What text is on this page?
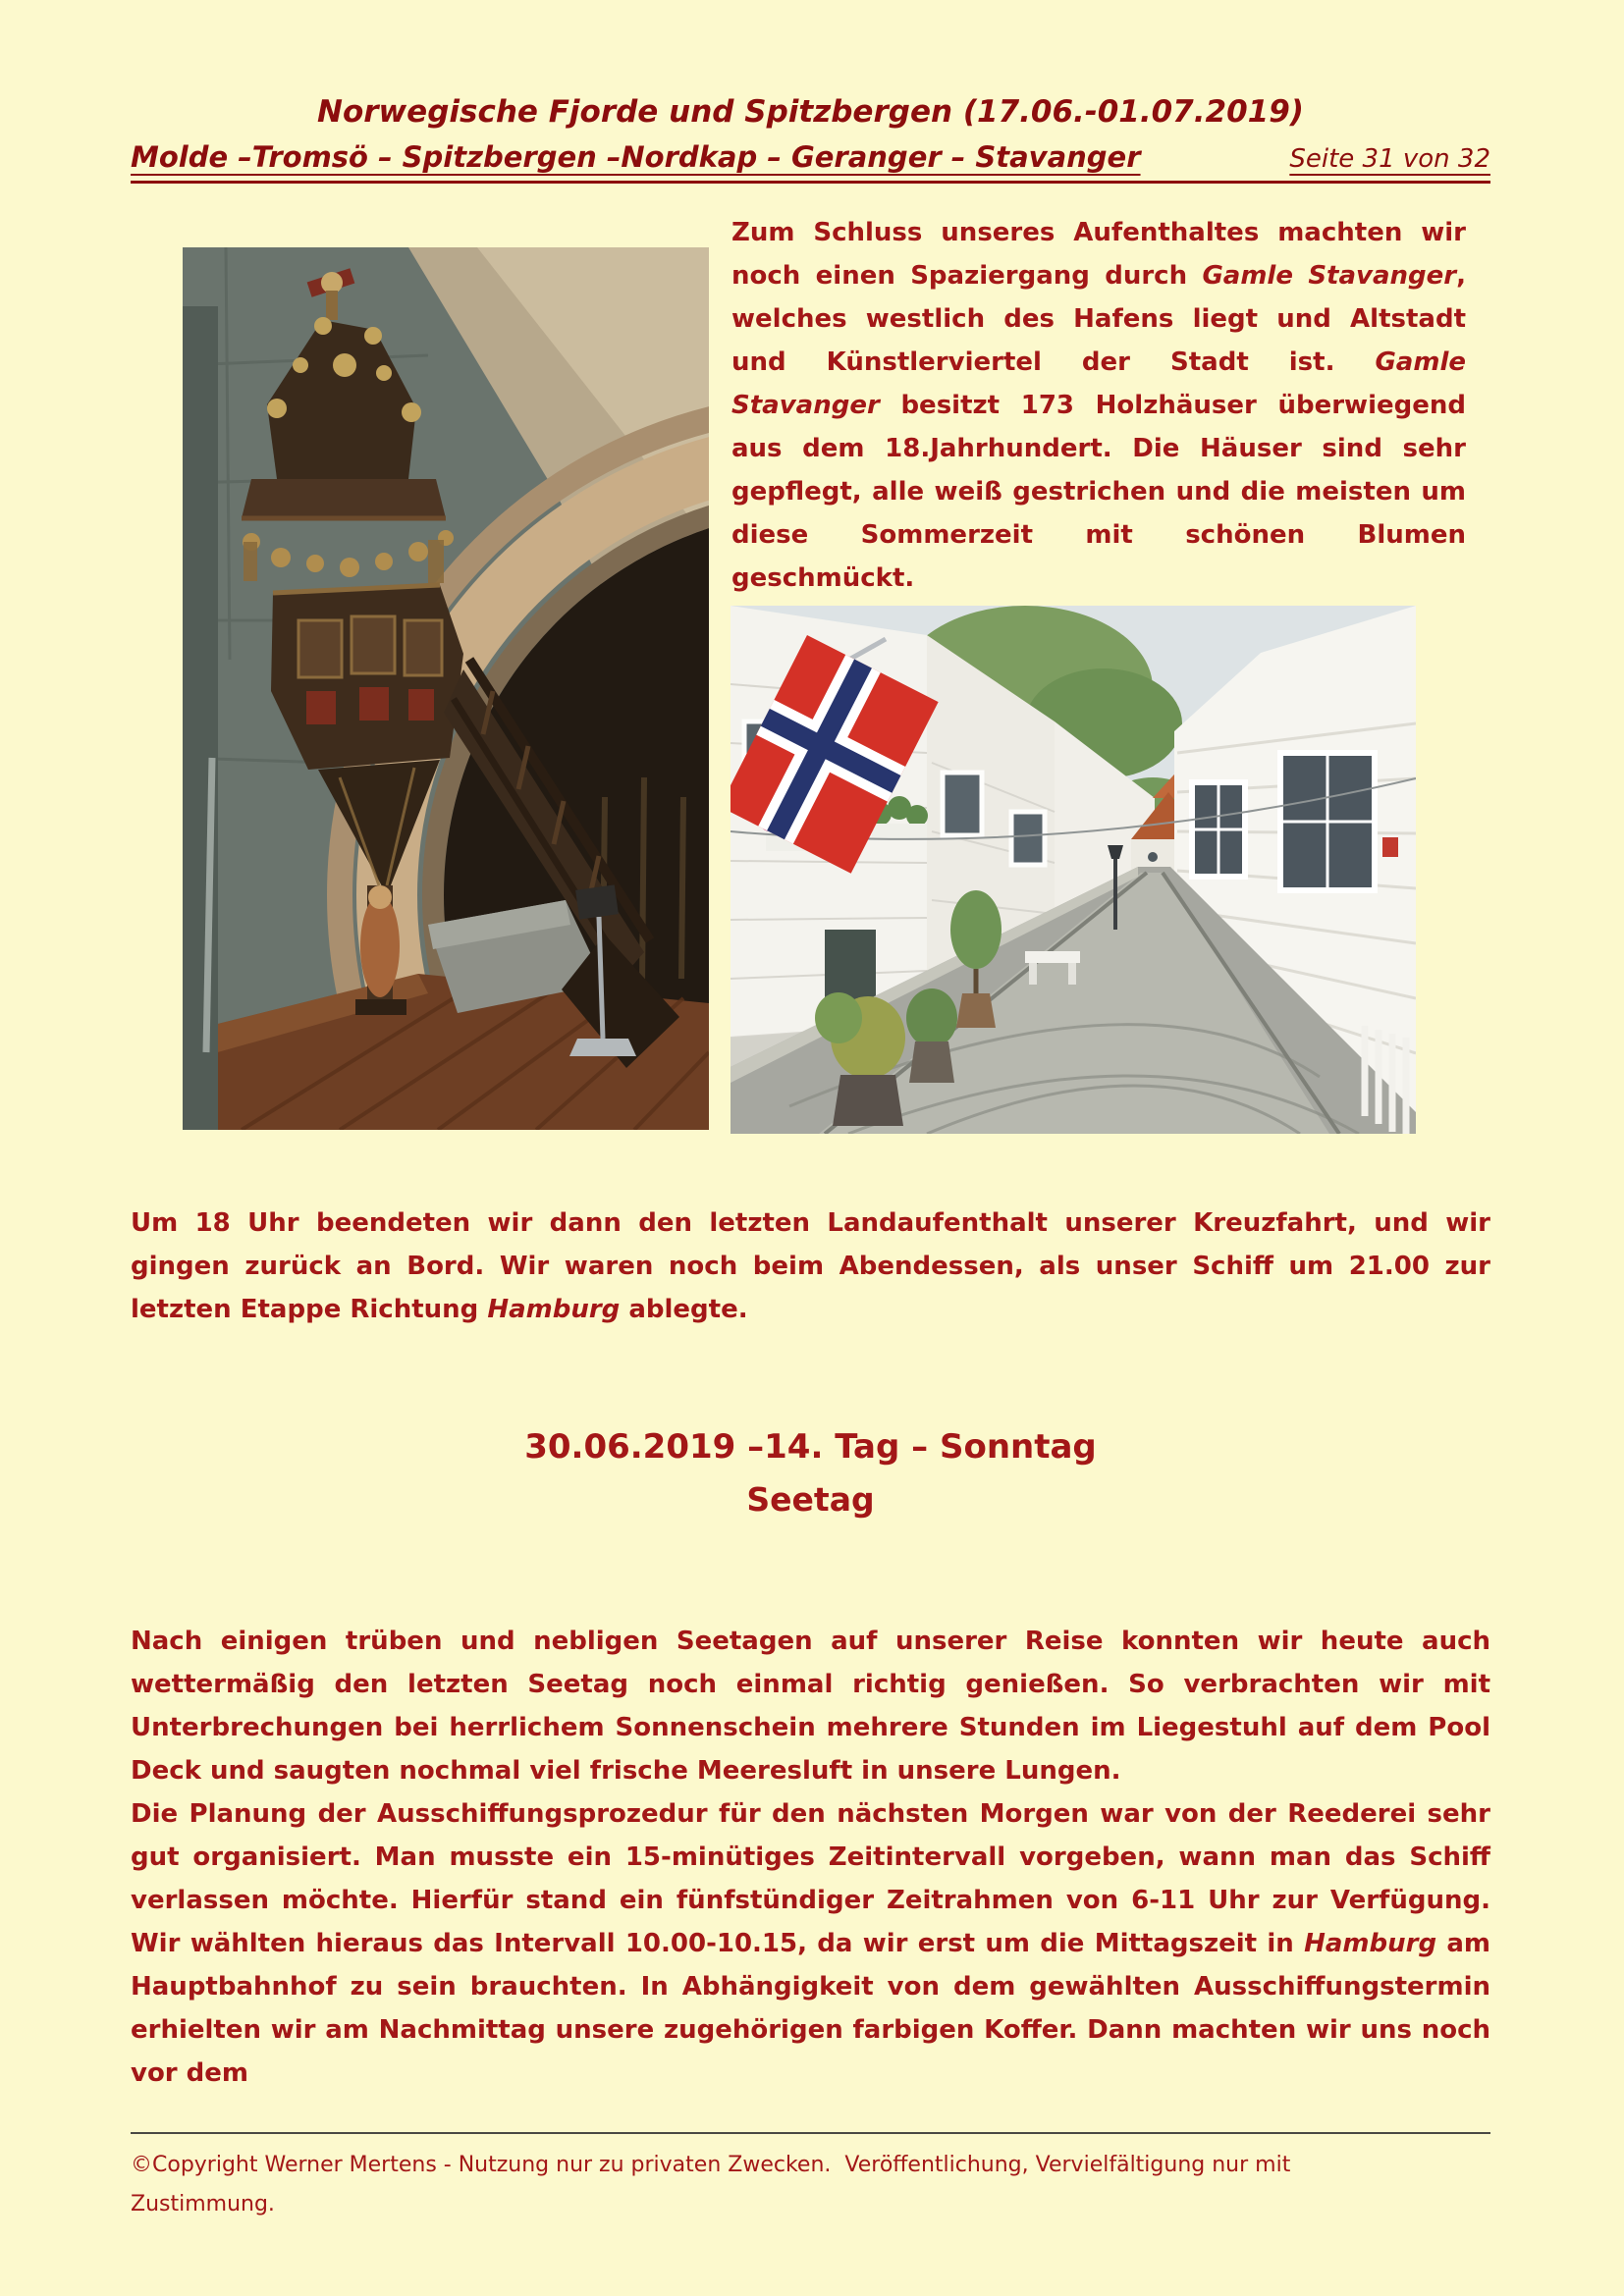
Norwegische Fjorde und Spitzbergen (17.06.-01.07.2019)
Molde –Tromsö – Spitzbergen –Nordkap – Geranger – Stavanger	Seite 31 von 32
Zum Schluss unseres Aufenthaltes machten wir noch einen Spaziergang durch Gamle Stavanger, welches westlich des Hafens liegt und Altstadt und Künstlerviertel der Stadt ist. Gamle Stavanger besitzt 173 Holzhäuser überwiegend aus dem 18.Jahrhundert. Die Häuser sind sehr gepflegt, alle weiß gestrichen und die meisten um diese Sommerzeit mit schönen Blumen geschmückt.
Um 18 Uhr beendeten wir dann den letzten Landaufenthalt unserer Kreuzfahrt, und wir gingen zurück an Bord. Wir waren noch beim Abendessen, als unser Schiff um 21.00 zur letzten Etappe Richtung Hamburg ablegte.
30.06.2019 –14. Tag – Sonntag
Seetag

Nach einigen trüben und nebligen Seetagen auf unserer Reise konnten wir heute auch wettermäßig den letzten Seetag noch einmal richtig genießen. So verbrachten wir mit Unterbrechungen bei herrlichem Sonnenschein mehrere Stunden im Liegestuhl auf dem Pool Deck und saugten nochmal viel frische Meeresluft in unsere Lungen.

Die Planung der Ausschiffungsprozedur für den nächsten Morgen war von der Reederei sehr gut organisiert. Man musste ein 15-minütiges Zeitintervall vorgeben, wann man das Schiff verlassen möchte. Hierfür stand ein fünfstündiger Zeitrahmen von 6-11 Uhr zur Verfügung. Wir wählten hieraus das Intervall 10.00-10.15, da wir erst um die Mittagszeit in Hamburg am Hauptbahnhof zu sein brauchten. In Abhängigkeit von dem gewählten Ausschiffungstermin erhielten wir am Nachmittag unsere zugehörigen farbigen Koffer. Dann machten wir uns noch vor dem

©Copyright Werner Mertens - Nutzung nur zu privaten Zwecken.  Veröffentlichung, Vervielfältigung nur mit
Zustimmung.
